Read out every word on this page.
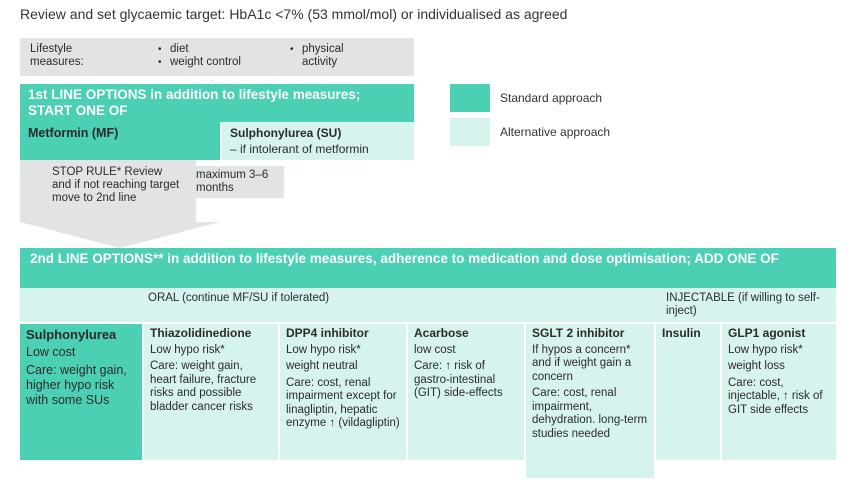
Review and set glycaemic target: HbA1c <7% (53 mmol/mol) or individualised as agreed
Lifestyle measures:
• diet
• weight control
• physical activity
1st LINE OPTIONS in addition to lifestyle measures; START ONE OF
Metformin (MF)	Sulphonylurea (SU)
– if intolerant of metformin
Standard approach
Alternative approach
STOP RULE* Review and if not reaching target move to 2nd line
maximum 3–6 months
2nd LINE OPTIONS** in addition to lifestyle measures, adherence to medication and dose optimisation; ADD ONE OF
ORAL (continue MF/SU if tolerated)	INJECTABLE (if willing to self-inject)
Sulphonylurea
Low cost
Care: weight gain, higher hypo risk with some SUs
Thiazolidinedione
Low hypo risk*
Care: weight gain, heart failure, fracture risks and possible bladder cancer risks
DPP4 inhibitor
Low hypo risk*
weight neutral
Care: cost, renal impairment except for linagliptin, hepatic enzyme ↑ (vildagliptin)
Acarbose
low cost
Care: ↑ risk of gastro-intestinal (GIT) side-effects
SGLT 2 inhibitor
If hypos a concern* and if weight gain a concern
Care: cost, renal impairment, dehydration. long-term studies needed
Insulin	GLP1 agonist
Low hypo risk*
weight loss
Care: cost, injectable, ↑ risk of GIT side effects
